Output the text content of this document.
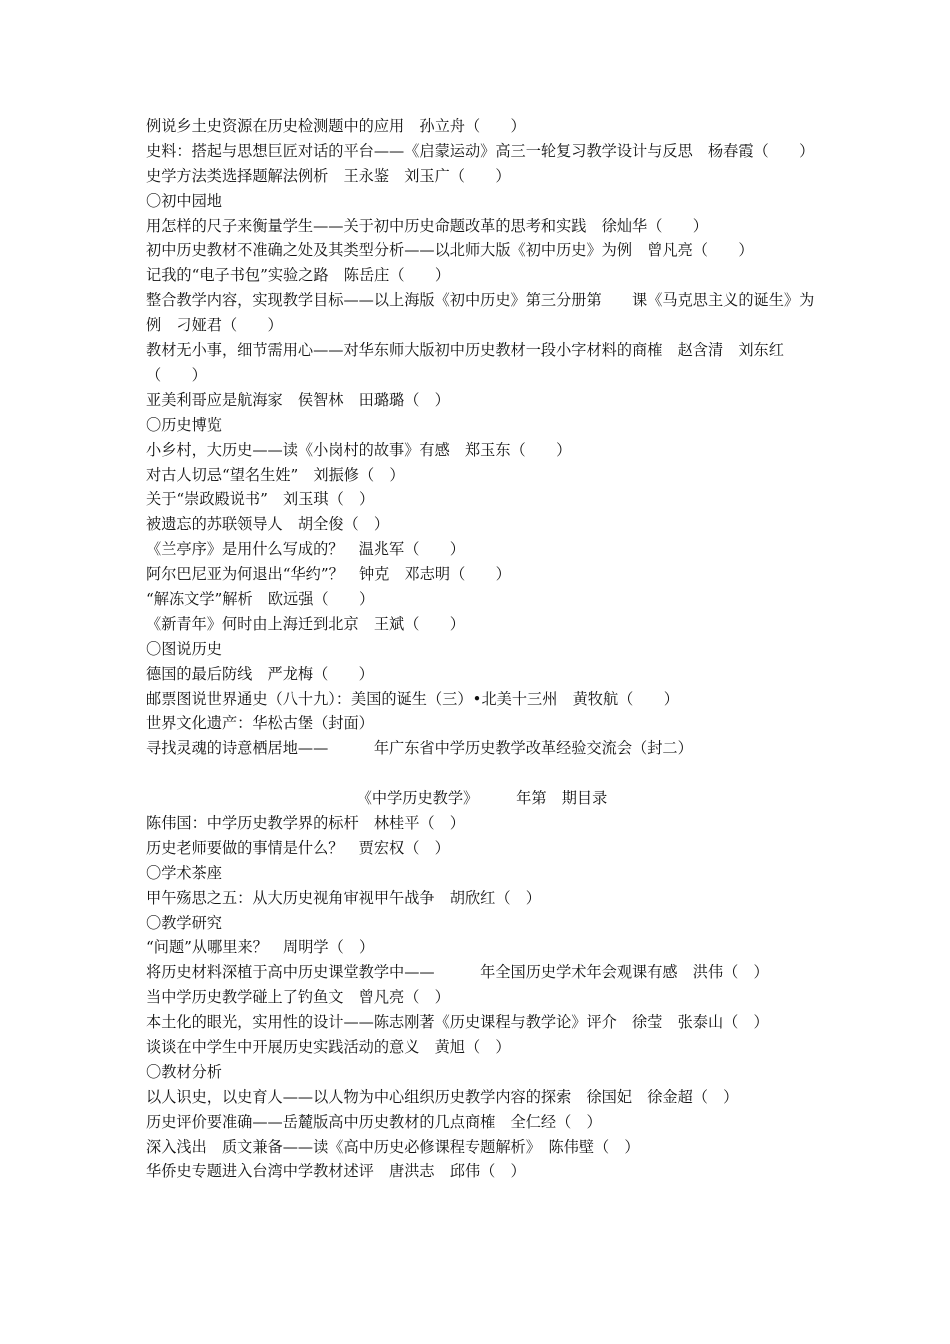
例说乡土史资源在历史检测题中的应用　孙立舟（　　）
史料：搭起与思想巨匠对话的平台——《启蒙运动》高三一轮复习教学设计与反思　杨春霞（　　）
史学方法类选择题解法例析　王永鉴　刘玉广（　　）
〇初中园地
用怎样的尺子来衡量学生——关于初中历史命题改革的思考和实践　徐灿华（　　）
初中历史教材不准确之处及其类型分析——以北师大版《初中历史》为例　曾凡亮（　　）
记我的“电子书包”实验之路　陈岳庄（　　）
整合教学内容，实现教学目标——以上海版《初中历史》第三分册第　　课《马克思主义的诞生》为例　刁娅君（　　）
教材无小事，细节需用心——对华东师大版初中历史教材一段小字材料的商榷　赵含清　刘东红（　　）
亚美利哥应是航海家　侯智林　田璐璐（　）
〇历史博览
小乡村，大历史——读《小岗村的故事》有感　郑玉东（　　）
对古人切忌“望名生姓”　刘振修（　）
关于“崇政殿说书”　刘玉琪（　）
被遗忘的苏联领导人　胡全俊（　）
《兰亭序》是用什么写成的？　温兆军（　　）
阿尔巴尼亚为何退出“华约”？　钟克　邓志明（　　）
“解冻文学”解析　欧远强（　　）
《新青年》何时由上海迁到北京　王斌（　　）
〇图说历史
德国的最后防线　严龙梅（　　）
邮票图说世界通史（八十九）：美国的诞生（三）•北美十三州　黄牧航（　　）
世界文化遗产：华松古堡（封面）
寻找灵魂的诗意栖居地——　　　年广东省中学历史教学改革经验交流会（封二）
《中学历史教学》　　　年第　期目录
陈伟国：中学历史教学界的标杆　林桂平（　）
历史老师要做的事情是什么？　贾宏权（　）
〇学术茶座
甲午殇思之五：从大历史视角审视甲午战争　胡欣红（　）
〇教学研究
“问题”从哪里来？　周明学（　）
将历史材料深植于高中历史课堂教学中——　　　年全国历史学术年会观课有感　洪伟（　）
当中学历史教学碰上了钓鱼文　曾凡亮（　）
本土化的眼光，实用性的设计——陈志刚著《历史课程与教学论》评介　徐莹　张泰山（　）
谈谈在中学生中开展历史实践活动的意义　黄旭（　）
〇教材分析
以人识史，以史育人——以人物为中心组织历史教学内容的探索　徐国妃　徐金超（　）
历史评价要准确——岳麓版高中历史教材的几点商榷　全仁经（　）
深入浅出　质文兼备——读《高中历史必修课程专题解析》　陈伟壁（　）
华侨史专题进入台湾中学教材述评　唐洪志　邱伟（　）
